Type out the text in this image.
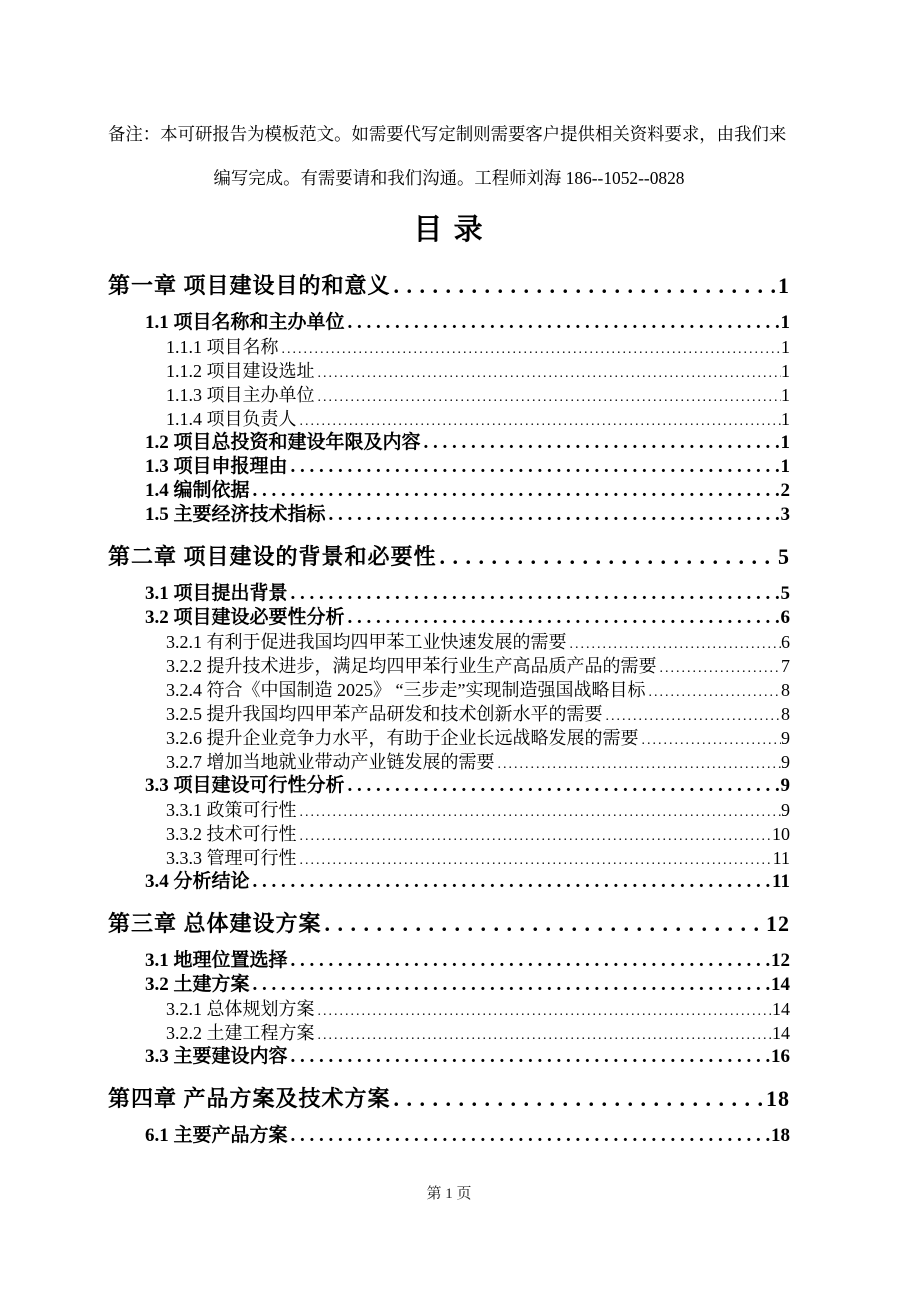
备注：本可研报告为模板范文。如需要代写定制则需要客户提供相关资料要求，由我们来
编写完成。有需要请和我们沟通。工程师刘海 186--1052--0828
目 录
第一章 项目建设目的和意义 . . .	1
1.1 项目名称和主办单位 . . .	1
1.1.1 项目名称 .....	1
1.1.2 项目建设选址 .....	1
1.1.3 项目主办单位 .....	1
1.1.4 项目负责人 .....	1
1.2 项目总投资和建设年限及内容 . . .	1
1.3 项目申报理由 . . .	1
1.4 编制依据 . . .	2
1.5 主要经济技术指标 . . .	3
第二章 项目建设的背景和必要性 . . .	5
3.1 项目提出背景 . . .	5
3.2 项目建设必要性分析 . . .	6
3.2.1 有利于促进我国均四甲苯工业快速发展的需要 .....	6
3.2.2 提升技术进步，满足均四甲苯行业生产高品质产品的需要 .....	7
3.2.4 符合《中国制造 2025》 “三步走”实现制造强国战略目标 .....	8
3.2.5 提升我国均四甲苯产品研发和技术创新水平的需要 .....	8
3.2.6 提升企业竞争力水平，有助于企业长远战略发展的需要 .....	9
3.2.7 增加当地就业带动产业链发展的需要 .....	9
3.3 项目建设可行性分析 . . .	9
3.3.1 政策可行性 .....	9
3.3.2 技术可行性 .....	10
3.3.3 管理可行性 .....	11
3.4 分析结论 . . .	11
第三章 总体建设方案 . . .	12
3.1 地理位置选择 . . .	12
3.2 土建方案 . . .	14
3.2.1 总体规划方案 .....	14
3.2.2 土建工程方案 .....	14
3.3 主要建设内容 . . .	16
第四章 产品方案及技术方案 . . .	18
6.1 主要产品方案 . . .	18
第 1 页
